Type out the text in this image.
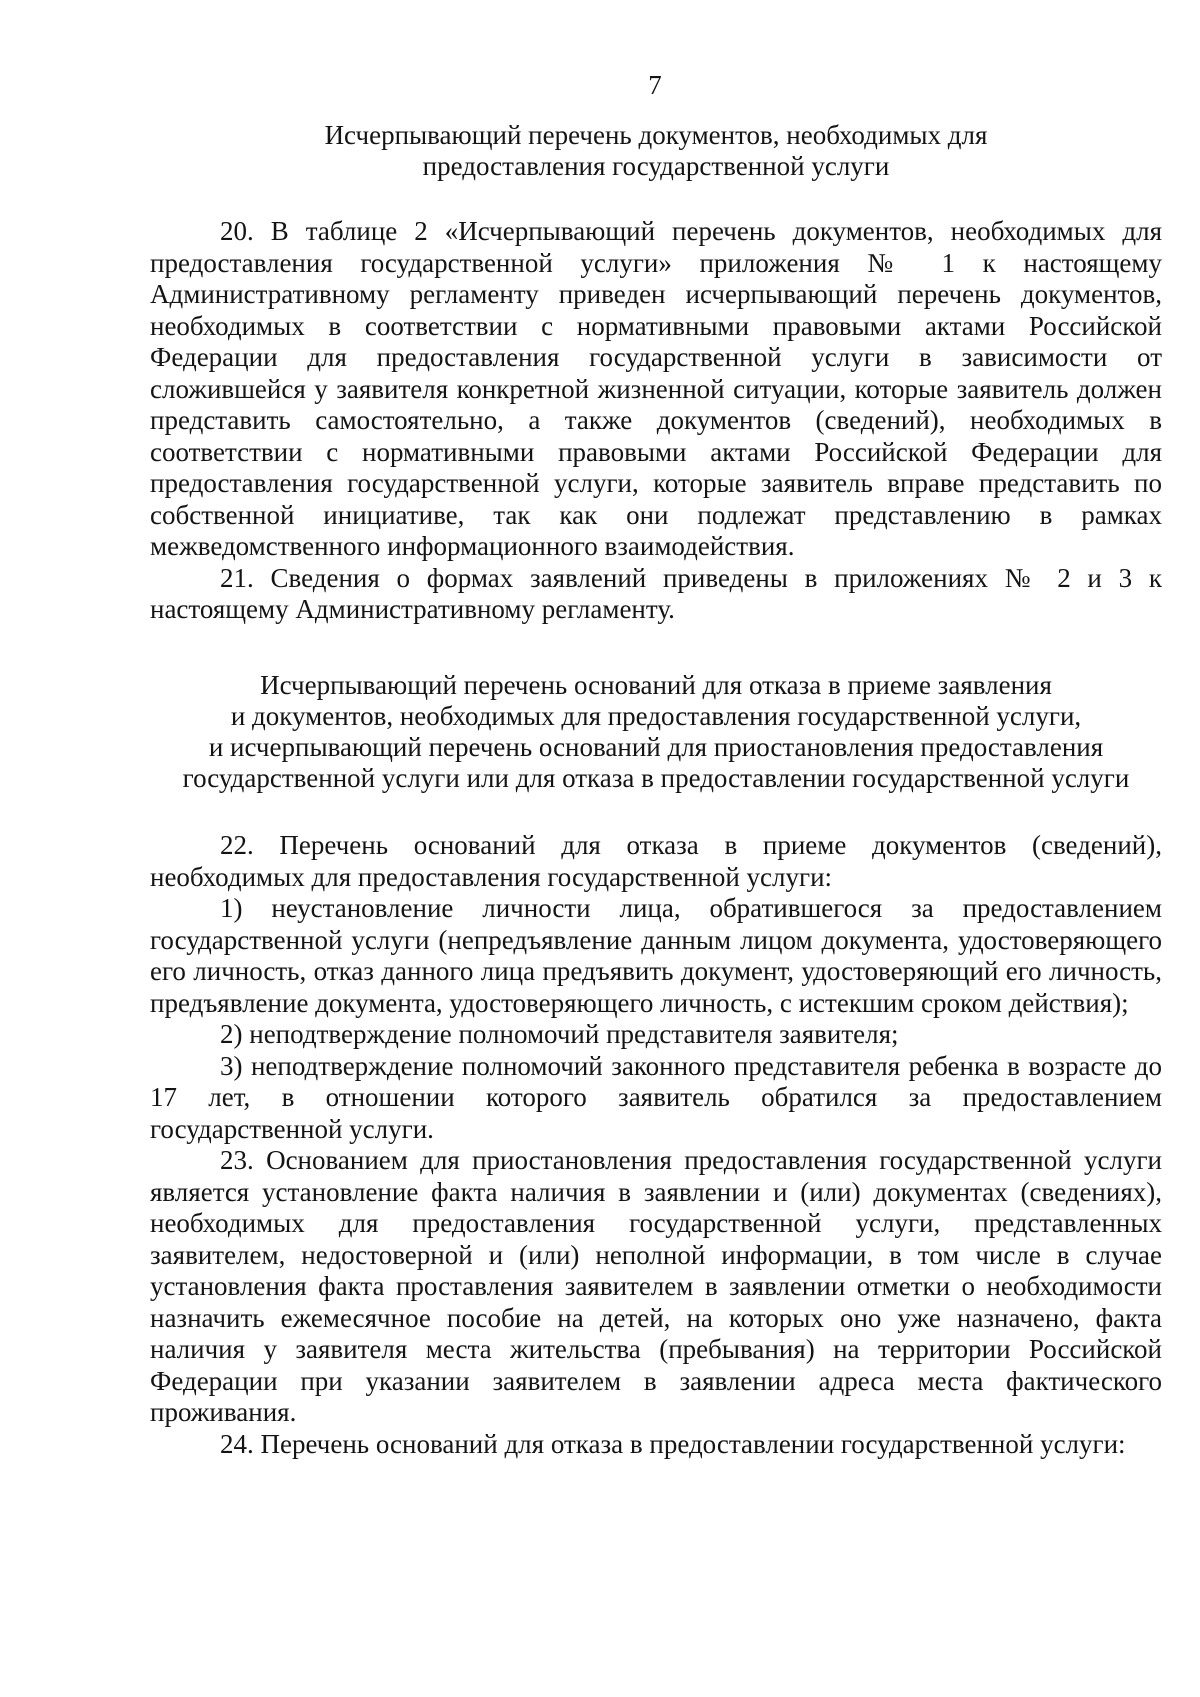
7
Исчерпывающий перечень документов, необходимых для
предоставления государственной услуги

20. В таблице 2 «Исчерпывающий перечень документов, необходимых для предоставления государственной услуги» приложения № 1 к настоящему Административному регламенту приведен исчерпывающий перечень документов, необходимых в соответствии с нормативными правовыми актами Российской Федерации для предоставления государственной услуги в зависимости от сложившейся у заявителя конкретной жизненной ситуации, которые заявитель должен представить самостоятельно, а также документов (сведений), необходимых в соответствии с нормативными правовыми актами Российской Федерации для предоставления государственной услуги, которые заявитель вправе представить по собственной инициативе, так как они подлежат представлению в рамках межведомственного информационного взаимодействия.

21. Сведения о формах заявлений приведены в приложениях № 2 и 3 к настоящему Административному регламенту.

Исчерпывающий перечень оснований для отказа в приеме заявления
и документов, необходимых для предоставления государственной услуги,
и исчерпывающий перечень оснований для приостановления предоставления
государственной услуги или для отказа в предоставлении государственной услуги

22. Перечень оснований для отказа в приеме документов (сведений), необходимых для предоставления государственной услуги:

1) неустановление личности лица, обратившегося за предоставлением государственной услуги (непредъявление данным лицом документа, удостоверяющего его личность, отказ данного лица предъявить документ, удостоверяющий его личность, предъявление документа, удостоверяющего личность, с истекшим сроком действия);

2) неподтверждение полномочий представителя заявителя;

3) неподтверждение полномочий законного представителя ребенка в возрасте до 17 лет, в отношении которого заявитель обратился за предоставлением государственной услуги.

23. Основанием для приостановления предоставления государственной услуги является установление факта наличия в заявлении и (или) документах (сведениях), необходимых для предоставления государственной услуги, представленных заявителем, недостоверной и (или) неполной информации, в том числе в случае установления факта проставления заявителем в заявлении отметки о необходимости назначить ежемесячное пособие на детей, на которых оно уже назначено, факта наличия у заявителя места жительства (пребывания) на территории Российской Федерации при указании заявителем в заявлении адреса места фактического проживания.

24. Перечень оснований для отказа в предоставлении государственной услуги:
